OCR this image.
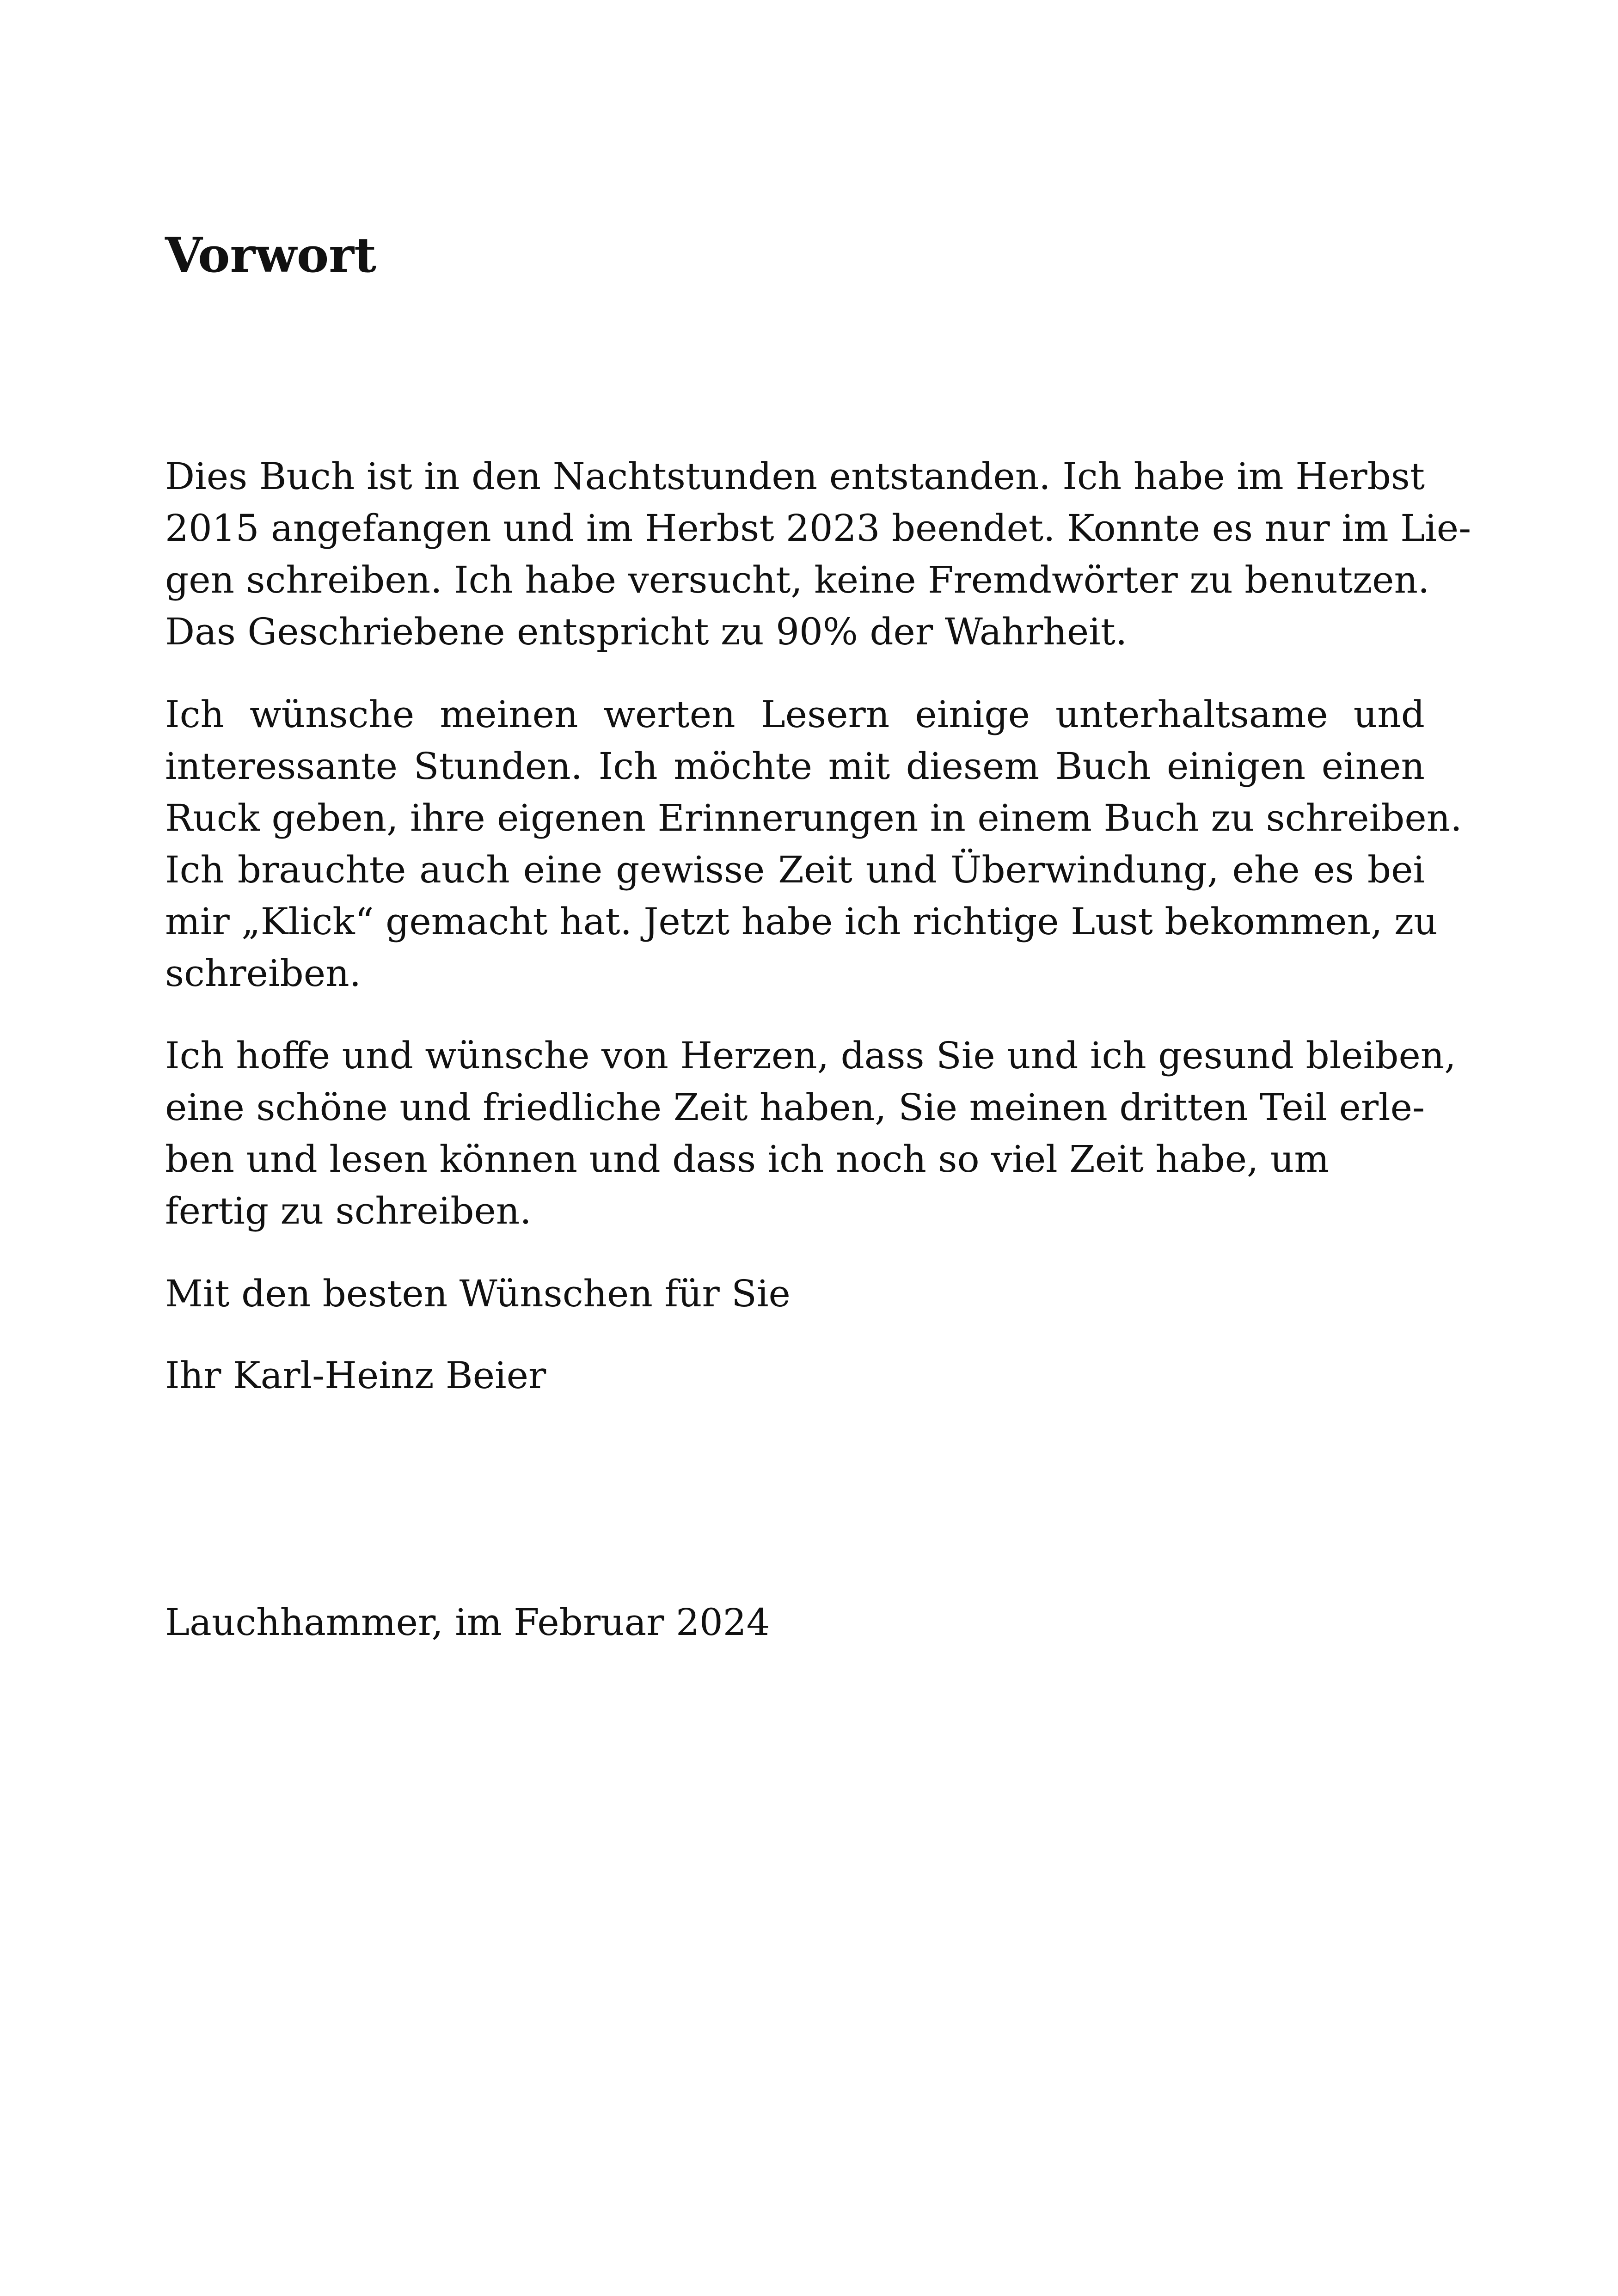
Vorwort

Dies Buch ist in den Nachtstunden entstanden. Ich habe im Herbst

2015 angefangen und im Herbst 2023 beendet. Konnte es nur im Lie-

gen schreiben. Ich habe versucht, keine Fremdwörter zu benutzen.

Das Geschriebene entspricht zu 90% der Wahrheit.

Ich wünsche meinen werten Lesern einige unterhaltsame und

interessante Stunden. Ich möchte mit diesem Buch einigen einen

Ruck geben, ihre eigenen Erinnerungen in einem Buch zu schreiben.

Ich brauchte auch eine gewisse Zeit und Überwindung, ehe es bei

mir „Klick“ gemacht hat. Jetzt habe ich richtige Lust bekommen, zu

schreiben.

Ich hoffe und wünsche von Herzen, dass Sie und ich gesund bleiben,

eine schöne und friedliche Zeit haben, Sie meinen dritten Teil erle-

ben und lesen können und dass ich noch so viel Zeit habe, um

fertig zu schreiben.

Mit den besten Wünschen für Sie

Ihr Karl-Heinz Beier

Lauchhammer, im Februar 2024
